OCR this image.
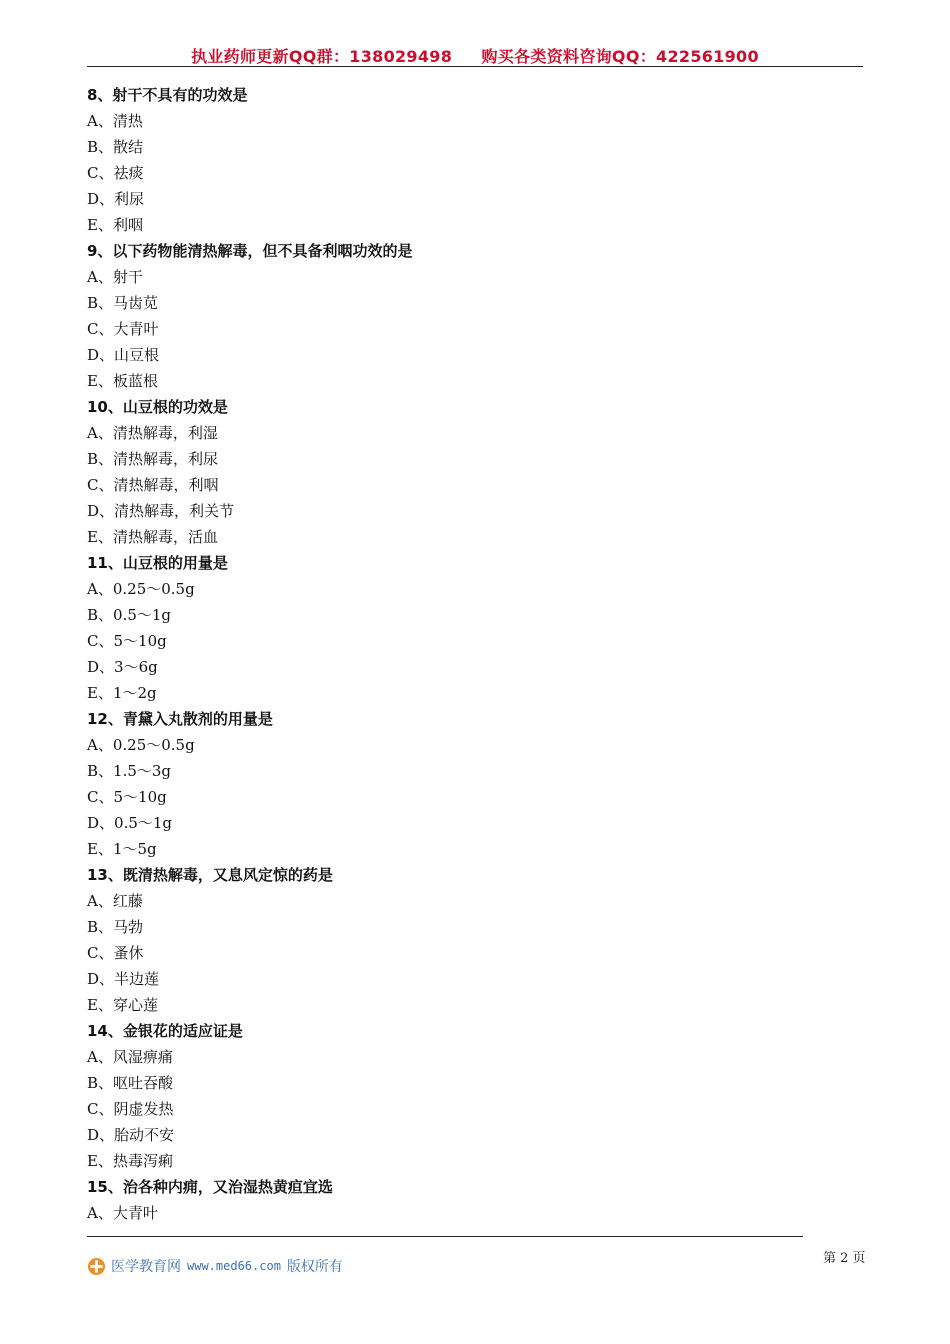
执业药师更新QQ群：138029498     购买各类资料咨询QQ：422561900
8、射干不具有的功效是
A、清热
B、散结
C、祛痰
D、利尿
E、利咽
9、以下药物能清热解毒，但不具备利咽功效的是
A、射干
B、马齿苋
C、大青叶
D、山豆根
E、板蓝根
10、山豆根的功效是
A、清热解毒，利湿
B、清热解毒，利尿
C、清热解毒，利咽
D、清热解毒，利关节
E、清热解毒，活血
11、山豆根的用量是
A、0.25～0.5g
B、0.5～1g
C、5～10g
D、3～6g
E、1～2g
12、青黛入丸散剂的用量是
A、0.25～0.5g
B、1.5～3g
C、5～10g
D、0.5～1g
E、1～5g
13、既清热解毒，又息风定惊的药是
A、红藤
B、马勃
C、蚤休
D、半边莲
E、穿心莲
14、金银花的适应证是
A、风湿痹痛
B、呕吐吞酸
C、阴虚发热
D、胎动不安
E、热毒泻痢
15、治各种内痈，又治湿热黄疸宜选
A、大青叶
医学教育网 www.med66.com 版权所有
第 2 页
